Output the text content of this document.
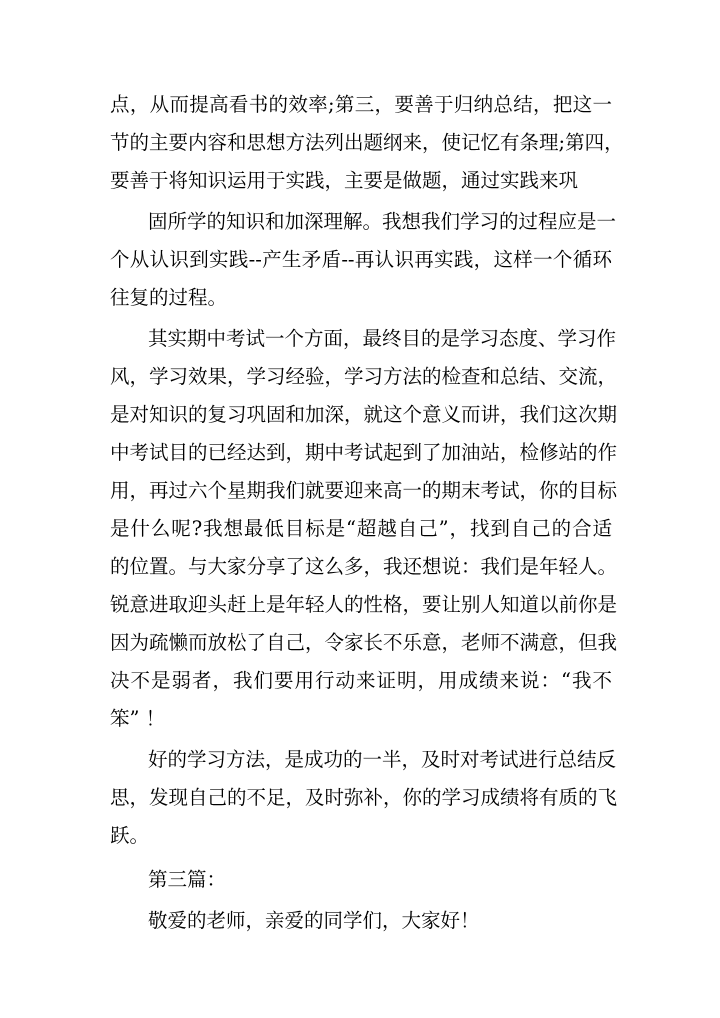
点，从而提高看书的效率;第三，要善于归纳总结，把这一
节的主要内容和思想方法列出题纲来，使记忆有条理;第四，
要善于将知识运用于实践，主要是做题，通过实践来巩
固所学的知识和加深理解。我想我们学习的过程应是一
个从认识到实践--产生矛盾--再认识再实践，这样一个循环
往复的过程。
其实期中考试一个方面，最终目的是学习态度、学习作
风，学习效果，学习经验，学习方法的检查和总结、交流，
是对知识的复习巩固和加深，就这个意义而讲，我们这次期
中考试目的已经达到，期中考试起到了加油站，检修站的作
用，再过六个星期我们就要迎来高一的期末考试，你的目标
是什么呢?我想最低目标是“超越自己”，找到自己的合适
的位置。与大家分享了这么多，我还想说：我们是年轻人。
锐意进取迎头赶上是年轻人的性格，要让别人知道以前你是
因为疏懒而放松了自己，令家长不乐意，老师不满意，但我
决不是弱者，我们要用行动来证明，用成绩来说：“我不
笨” ！
好的学习方法，是成功的一半，及时对考试进行总结反
思，发现自己的不足，及时弥补，你的学习成绩将有质的飞
跃。
第三篇：
敬爱的老师，亲爱的同学们，大家好！
